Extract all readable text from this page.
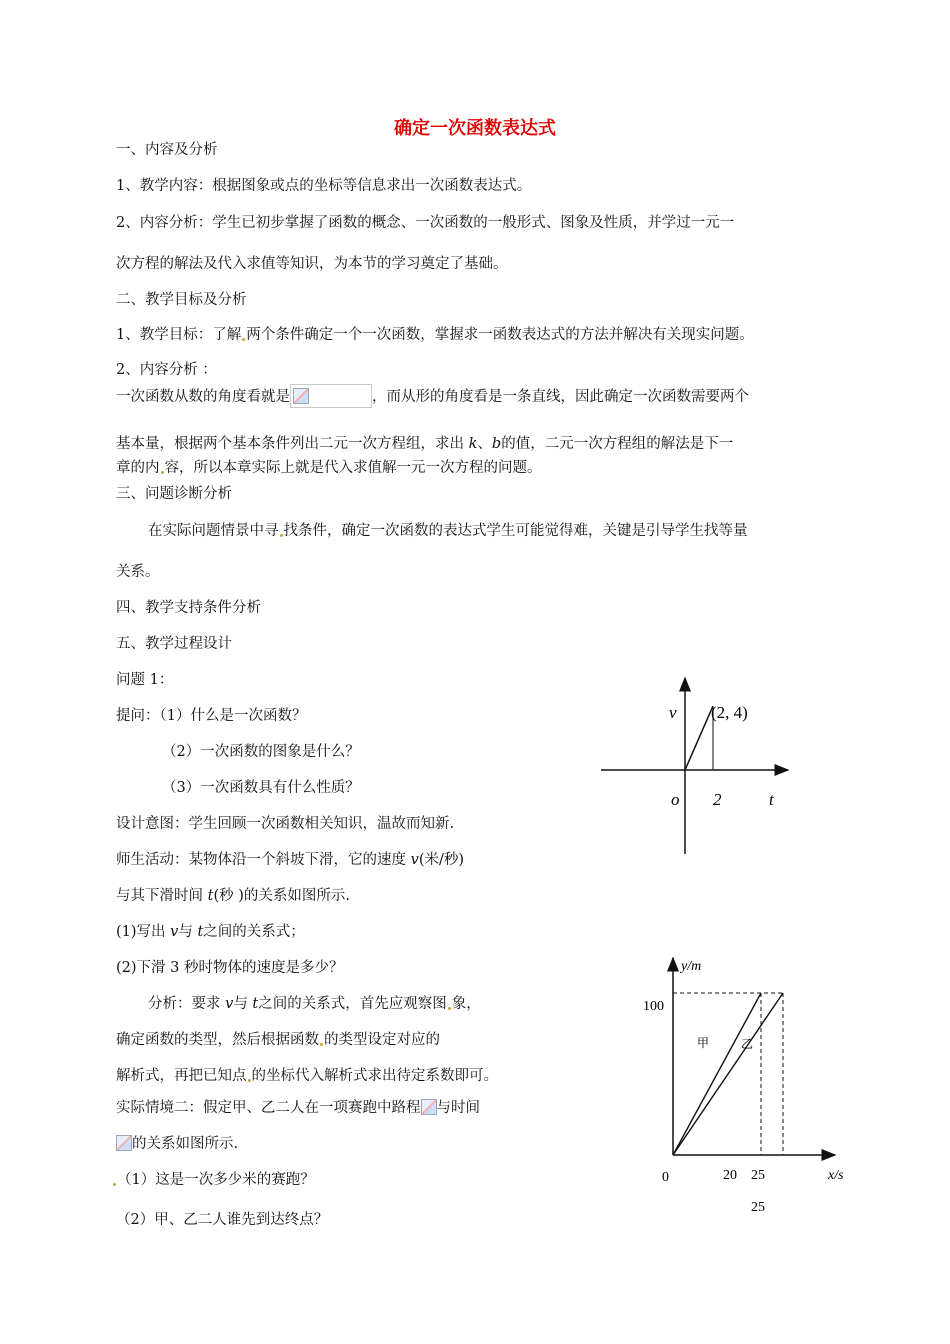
确定一次函数表达式
一、内容及分析
1、教学内容：根据图象或点的坐标等信息求出一次函数表达式。
2、内容分析：学生已初步掌握了函数的概念、一次函数的一般形式、图象及性质，并学过一元一
次方程的解法及代入求值等知识，为本节的学习奠定了基础。
二、教学目标及分析
1、教学目标：了解 两个条件确定一个一次函数，掌握求一函数表达式的方法并解决有关现实问题。
2、内容分析 ：
一次函数从数的角度看就是	，而从形的角度看是一条直线，因此确定一次函数需要两个
基本量，根据两个基本条件列出二元一次方程组，求出 k、b的值，二元一次方程组的解法是下一
章的内 容，所以本章实际上就是代入求值解一元一次方程的问题。
三、问题诊断分析
在实际问题情景中寻 找条件，确定一次函数的表达式学生可能觉得难，关键是引导学生找等量
关系。
四、教学支持条件分析
五、教学过程设计
问题 1：
提问：（1）什么是一次函数？
（2）一次函数的图象是什么？
（3）一次函数具有什么性质？
设计意图：学生回顾一次函数相关知识，温故而知新.
师生活动：某物体沿一个斜坡下滑，它的速度 v(米/秒)
与其下滑时间 t(秒 )的关系如图所示.
(1)写出 v与 t之间的关系式；
(2)下滑 3 秒时物体的速度是多少？
分析：要求 v与 t之间的关系式，首先应观察图 象，
确定函数的类型，然后根据函数 的类型设定对应的
解析式，再把已知点 的坐标代入解析式求出待定系数即可。
实际情境二：假定甲、乙二人在一项赛跑中路程 与时间
的关系如图所示.
（1）这是一次多少米的赛跑？
（2）甲、乙二人谁先到达终点？
v
t
o 2
(2, 4)
y/m
x/s
0
100
20 25
25
甲	乙
